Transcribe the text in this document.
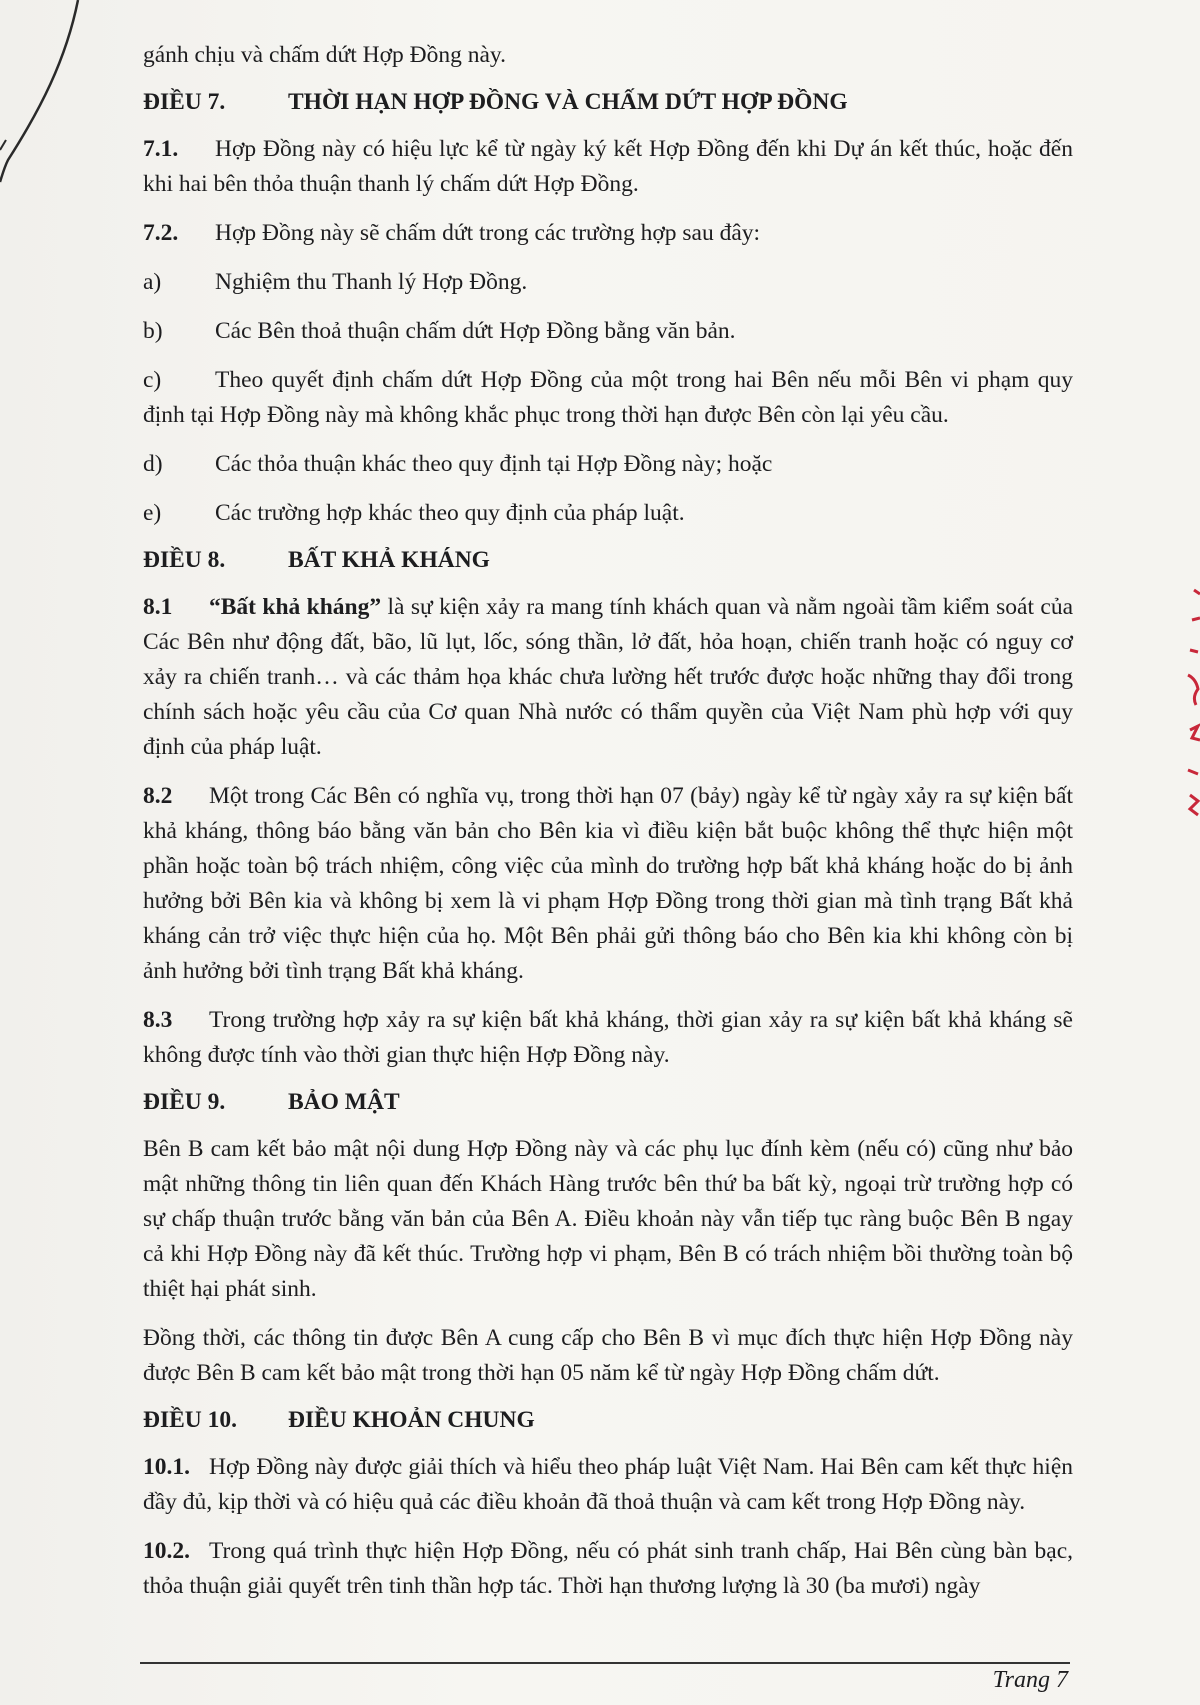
gánh chịu và chấm dứt Hợp Đồng này.

ĐIỀU 7.	THỜI HẠN HỢP ĐỒNG VÀ CHẤM DỨT HỢP ĐỒNG

7.1. Hợp Đồng này có hiệu lực kể từ ngày ký kết Hợp Đồng đến khi Dự án kết thúc, hoặc đến khi hai bên thỏa thuận thanh lý chấm dứt Hợp Đồng.

7.2. Hợp Đồng này sẽ chấm dứt trong các trường hợp sau đây:

a)	Nghiệm thu Thanh lý Hợp Đồng.
b)	Các Bên thoả thuận chấm dứt Hợp Đồng bằng văn bản.

c) Theo quyết định chấm dứt Hợp Đồng của một trong hai Bên nếu mỗi Bên vi phạm quy định tại Hợp Đồng này mà không khắc phục trong thời hạn được Bên còn lại yêu cầu.

d)	Các thỏa thuận khác theo quy định tại Hợp Đồng này; hoặc
e)	Các trường hợp khác theo quy định của pháp luật.

ĐIỀU 8.	BẤT KHẢ KHÁNG

8.1 “Bất khả kháng” là sự kiện xảy ra mang tính khách quan và nằm ngoài tầm kiểm soát của Các Bên như động đất, bão, lũ lụt, lốc, sóng thần, lở đất, hỏa hoạn, chiến tranh hoặc có nguy cơ xảy ra chiến tranh… và các thảm họa khác chưa lường hết trước được hoặc những thay đổi trong chính sách hoặc yêu cầu của Cơ quan Nhà nước có thẩm quyền của Việt Nam phù hợp với quy định của pháp luật.

8.2 Một trong Các Bên có nghĩa vụ, trong thời hạn 07 (bảy) ngày kể từ ngày xảy ra sự kiện bất khả kháng, thông báo bằng văn bản cho Bên kia vì điều kiện bắt buộc không thể thực hiện một phần hoặc toàn bộ trách nhiệm, công việc của mình do trường hợp bất khả kháng hoặc do bị ảnh hưởng bởi Bên kia và không bị xem là vi phạm Hợp Đồng trong thời gian mà tình trạng Bất khả kháng cản trở việc thực hiện của họ. Một Bên phải gửi thông báo cho Bên kia khi không còn bị ảnh hưởng bởi tình trạng Bất khả kháng.

8.3 Trong trường hợp xảy ra sự kiện bất khả kháng, thời gian xảy ra sự kiện bất khả kháng sẽ không được tính vào thời gian thực hiện Hợp Đồng này.

ĐIỀU 9.	BẢO MẬT

Bên B cam kết bảo mật nội dung Hợp Đồng này và các phụ lục đính kèm (nếu có) cũng như bảo mật những thông tin liên quan đến Khách Hàng trước bên thứ ba bất kỳ, ngoại trừ trường hợp có sự chấp thuận trước bằng văn bản của Bên A. Điều khoản này vẫn tiếp tục ràng buộc Bên B ngay cả khi Hợp Đồng này đã kết thúc. Trường hợp vi phạm, Bên B có trách nhiệm bồi thường toàn bộ thiệt hại phát sinh.

Đồng thời, các thông tin được Bên A cung cấp cho Bên B vì mục đích thực hiện Hợp Đồng này được Bên B cam kết bảo mật trong thời hạn 05 năm kể từ ngày Hợp Đồng chấm dứt.

ĐIỀU 10. ĐIỀU KHOẢN CHUNG

10.1. Hợp Đồng này được giải thích và hiểu theo pháp luật Việt Nam. Hai Bên cam kết thực hiện đầy đủ, kịp thời và có hiệu quả các điều khoản đã thoả thuận và cam kết trong Hợp Đồng này.

10.2. Trong quá trình thực hiện Hợp Đồng, nếu có phát sinh tranh chấp, Hai Bên cùng bàn bạc, thỏa thuận giải quyết trên tinh thần hợp tác. Thời hạn thương lượng là 30 (ba mươi) ngày

Trang 7
